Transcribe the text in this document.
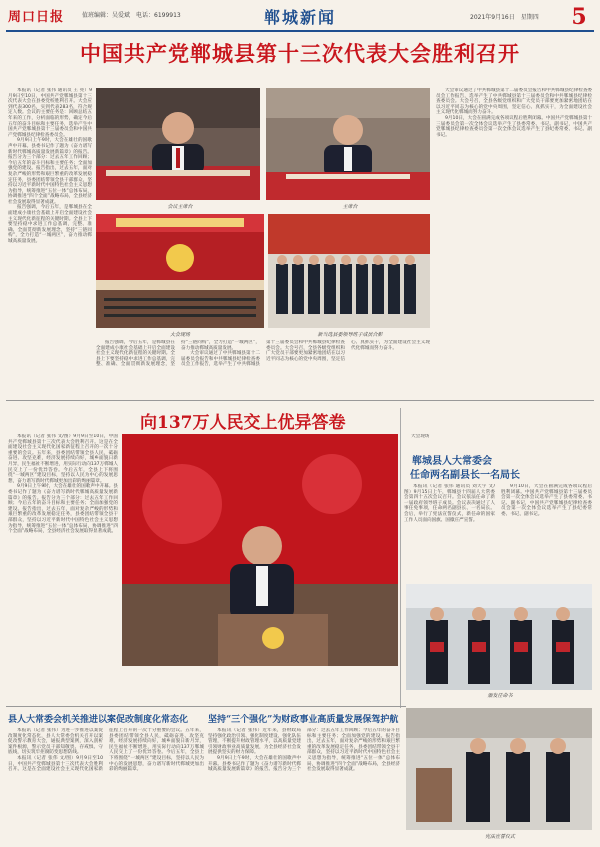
周口日报	值班编辑：吴爱斌　电话：6199913	郸城新闻	2021年9月16日　星期四 5
中国共产党郸城县第十三次代表大会胜利召开

本报讯（记者 张伟 通讯员 王 亮）9月9日至10日，中国共产党郸城县第十三次代表大会在县委党校胜利召开。大会应到代表300名，实到代表283名，符合规定人数。会议的主要任务是：回顾总结五年来的工作，分析面临的形势，确定今后五年的奋斗目标和主要任务，选举产生中国共产党郸城县第十三届委员会和中国共产党郸城县纪律检查委员会。

9月9日上午9时，大会在雄壮的国歌声中开幕。县委书记作了题为《奋力谱写新时代郸城高质量发展新篇章》的报告。报告分为三个部分：过去五年工作回顾；今后五年的奋斗目标和主要任务；全面加强党的建设。报告指出，过去五年，面对复杂严峻的形势和艰巨繁重的改革发展稳定任务，县委团结带领全县干部群众，坚持以习近平新时代中国特色社会主义思想为指导，统筹推进“五位一体”总体布局，协调推进“四个全面”战略布局，全县经济社会发展取得显著成就。

报告强调，今后五年，是郸城县在全面建成小康社会基础上开启全面建设社会主义现代化新征程的关键时期。全县上下要坚持稳中求进工作总基调，完整、准确、全面贯彻新发展理念，坚持“三链同构”，全力打造“一城两区”，奋力推动郸城高质量发展。

会议主席台	主席台

大会审议通过了中共郸城县第十二届委员会报告和中共郸城县纪律检查委员会工作报告，选举产生了中共郸城县第十三届委员会和中共郸城县纪律检查委员会。大会号召，全县各级党组织和广大党员干部要更加紧密地团结在以习近平同志为核心的党中央周围，坚定信心、真抓实干，为全面建设社会主义现代化郸城而努力奋斗。

9月10日，大会在圆满完成各项议程后胜利闭幕。中国共产党郸城县第十三届委员会第一次全体会议选举产生了县委常委、书记、副书记，中国共产党郸城县纪律检查委员会第一次全体会议选举产生了县纪委常委、书记、副书记。

大会现场	新当选县委领导班子成员合影

报告强调，今后五年，是郸城县在全面建成小康社会基础上开启全面建设社会主义现代化新征程的关键时期。全县上下要坚持稳中求进工作总基调，完整、准确、全面贯彻新发展理念，坚持“三链同构”，全力打造“一城两区”，奋力推动郸城高质量发展。

大会审议通过了中共郸城县第十二届委员会报告和中共郸城县纪律检查委员会工作报告，选举产生了中共郸城县第十三届委员会和中共郸城县纪律检查委员会。大会号召，全县各级党组织和广大党员干部要更加紧密地团结在以习近平同志为核心的党中央周围，坚定信心、真抓实干，为全面建设社会主义现代化郸城而努力奋斗。

向137万人民交上优异答卷

本报讯（记者 张伟 文/图）9月9日至10日，中国共产党郸城县第十三次代表大会胜利召开。这是在全面建设社会主义现代化国家新征程上召开的一次十分重要的会议。五年来，县委团结带领全县人民，砥砺奋进、攻坚克难，经济发展持续向好，城乡面貌日新月异，民生福祉不断增进，用实际行动向137万郸城人民交上了一份优异答卷。今后五年，全县上下将围绕“一城两区”建设目标，坚持以人民为中心的发展思想，奋力谱写新时代郸城更加出彩的绚丽篇章。

9月9日上午9时，大会在雄壮的国歌声中开幕。县委书记作了题为《奋力谱写新时代郸城高质量发展新篇章》的报告。报告分为三个部分：过去五年工作回顾；今后五年的奋斗目标和主要任务；全面加强党的建设。报告指出，过去五年，面对复杂严峻的形势和艰巨繁重的改革发展稳定任务，县委团结带领全县干部群众，坚持以习近平新时代中国特色社会主义思想为指导，统筹推进“五位一体”总体布局，协调推进“四个全面”战略布局，全县经济社会发展取得显著成就。

大会现场

郸城县人大常委会
任命两名副县长一名局长

本报讯（记者 张伟 通讯员 刘天宇 文/图）9月15日上午，郸城县十四届人大常委会第四十五次会议召开。会议依法任命了新一届政府领导班子成员。会议表决通过了人事任免事项，任命两名副县长、一名局长。会后，举行了宪法宣誓仪式，新任命的国家工作人员面向国旗、国徽庄严宣誓。

9月10日，大会在圆满完成各项议程后胜利闭幕。中国共产党郸城县第十三届委员会第一次全体会议选举产生了县委常委、书记、副书记，中国共产党郸城县纪律检查委员会第一次全体会议选举产生了县纪委常委、书记、副书记。

颁发任命书
县人大常委会机关推进以案促改制度化常态化

本报讯（记者 张伟）为进一步推进以案促改制度化常态化，县人大常委会机关召开以案促改警示教育大会，通报典型案例，深入剖析案件根源，警示党员干部知敬畏、存戒惧、守底线，切实筑牢拒腐防变思想防线。

本报讯（记者 张伟 文/图）9月9日至10日，中国共产党郸城县第十三次代表大会胜利召开。这是在全面建设社会主义现代化国家新征程上召开的一次十分重要的会议。五年来，县委团结带领全县人民，砥砺奋进、攻坚克难，经济发展持续向好，城乡面貌日新月异，民生福祉不断增进，用实际行动向137万郸城人民交上了一份优异答卷。今后五年，全县上下将围绕“一城两区”建设目标，坚持以人民为中心的发展思想，奋力谱写新时代郸城更加出彩的绚丽篇章。

坚持“三个强化”为财政事业高质量发展保驾护航

本报讯（记者 张伟）近年来，县财政局坚持强化政治引领、强化制度建设、强化队伍管理，不断提升财政管理水平，以高质量党建引领财政事业高质量发展，为全县经济社会发展提供坚实的财力保障。

9月9日上午9时，大会在雄壮的国歌声中开幕。县委书记作了题为《奋力谱写新时代郸城高质量发展新篇章》的报告。报告分为三个部分：过去五年工作回顾；今后五年的奋斗目标和主要任务；全面加强党的建设。报告指出，过去五年，面对复杂严峻的形势和艰巨繁重的改革发展稳定任务，县委团结带领全县干部群众，坚持以习近平新时代中国特色社会主义思想为指导，统筹推进“五位一体”总体布局，协调推进“四个全面”战略布局，全县经济社会发展取得显著成就。

宪法宣誓仪式
